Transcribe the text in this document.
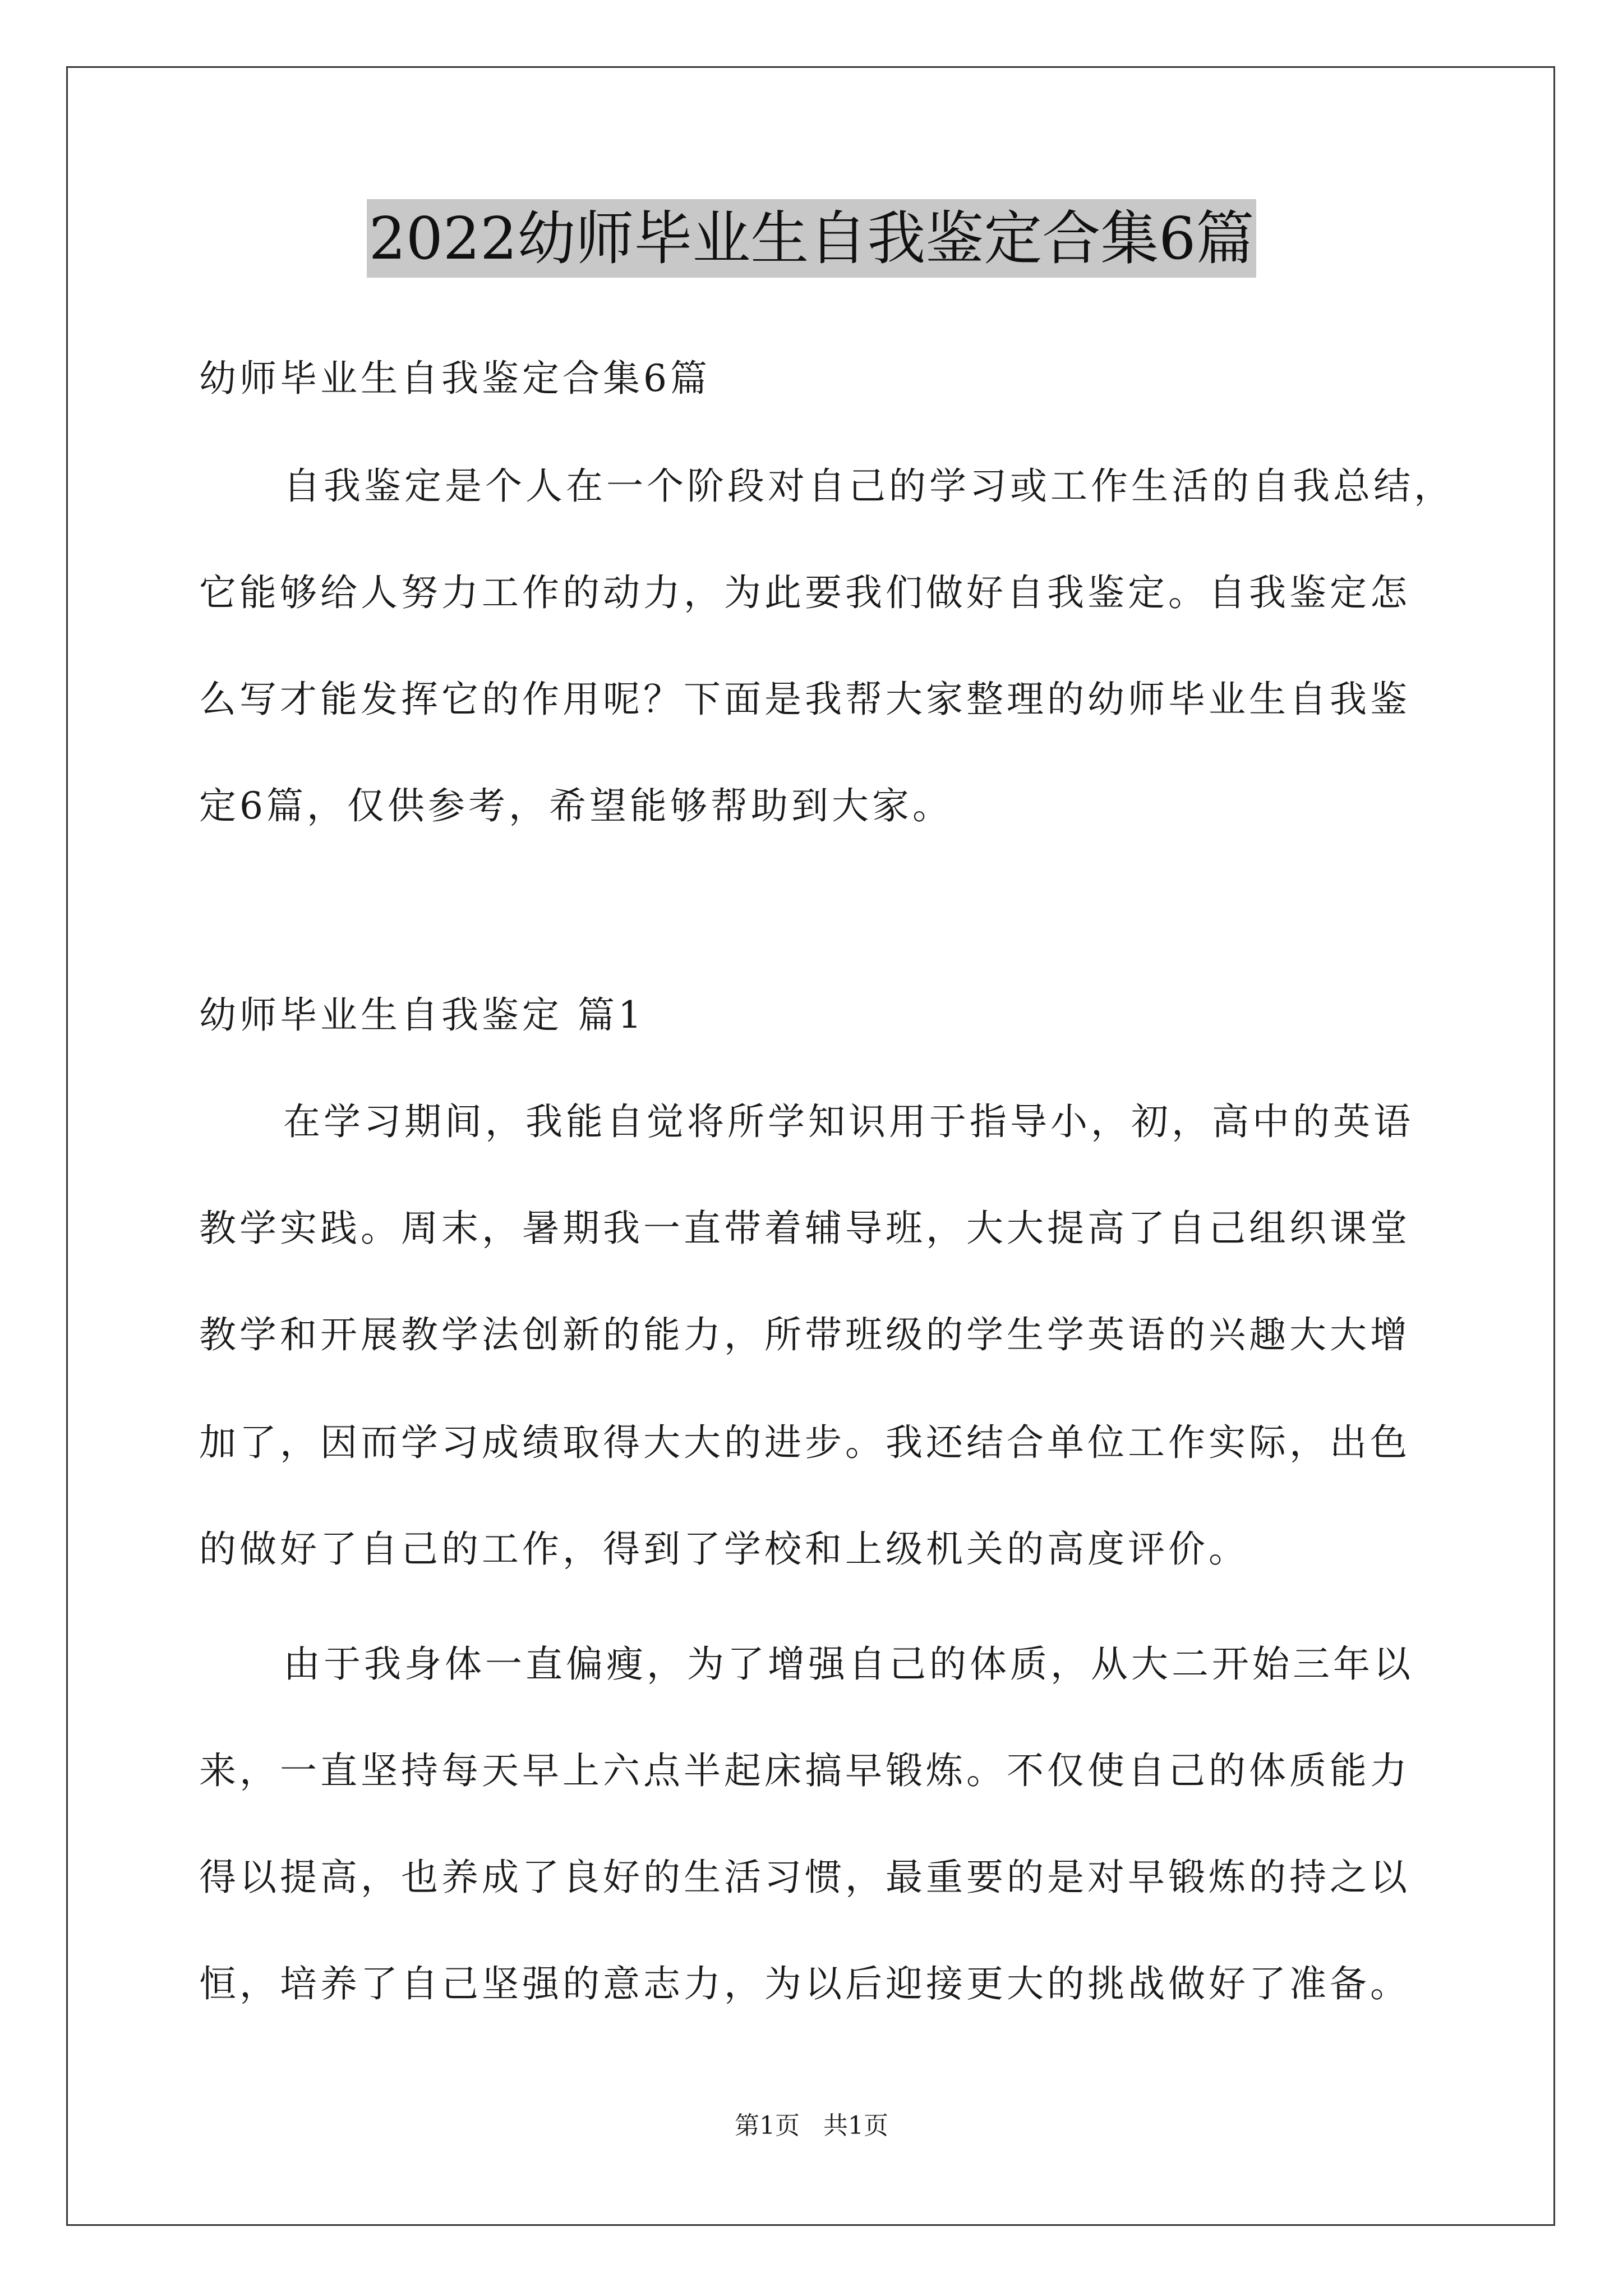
2022幼师毕业生自我鉴定合集6篇
幼师毕业生自我鉴定合集6篇
自我鉴定是个人在一个阶段对自己的学习或工作生活的自我总结，
它能够给人努力工作的动力，为此要我们做好自我鉴定。自我鉴定怎
么写才能发挥它的作用呢？下面是我帮大家整理的幼师毕业生自我鉴
定6篇，仅供参考，希望能够帮助到大家。
幼师毕业生自我鉴定 篇1
在学习期间，我能自觉将所学知识用于指导小，初，高中的英语
教学实践。周末，暑期我一直带着辅导班，大大提高了自己组织课堂
教学和开展教学法创新的能力，所带班级的学生学英语的兴趣大大增
加了，因而学习成绩取得大大的进步。我还结合单位工作实际，出色
的做好了自己的工作，得到了学校和上级机关的高度评价。
由于我身体一直偏瘦，为了增强自己的体质，从大二开始三年以
来，一直坚持每天早上六点半起床搞早锻炼。不仅使自己的体质能力
得以提高，也养成了良好的生活习惯，最重要的是对早锻炼的持之以
恒，培养了自己坚强的意志力，为以后迎接更大的挑战做好了准备。
第1页   共1页
